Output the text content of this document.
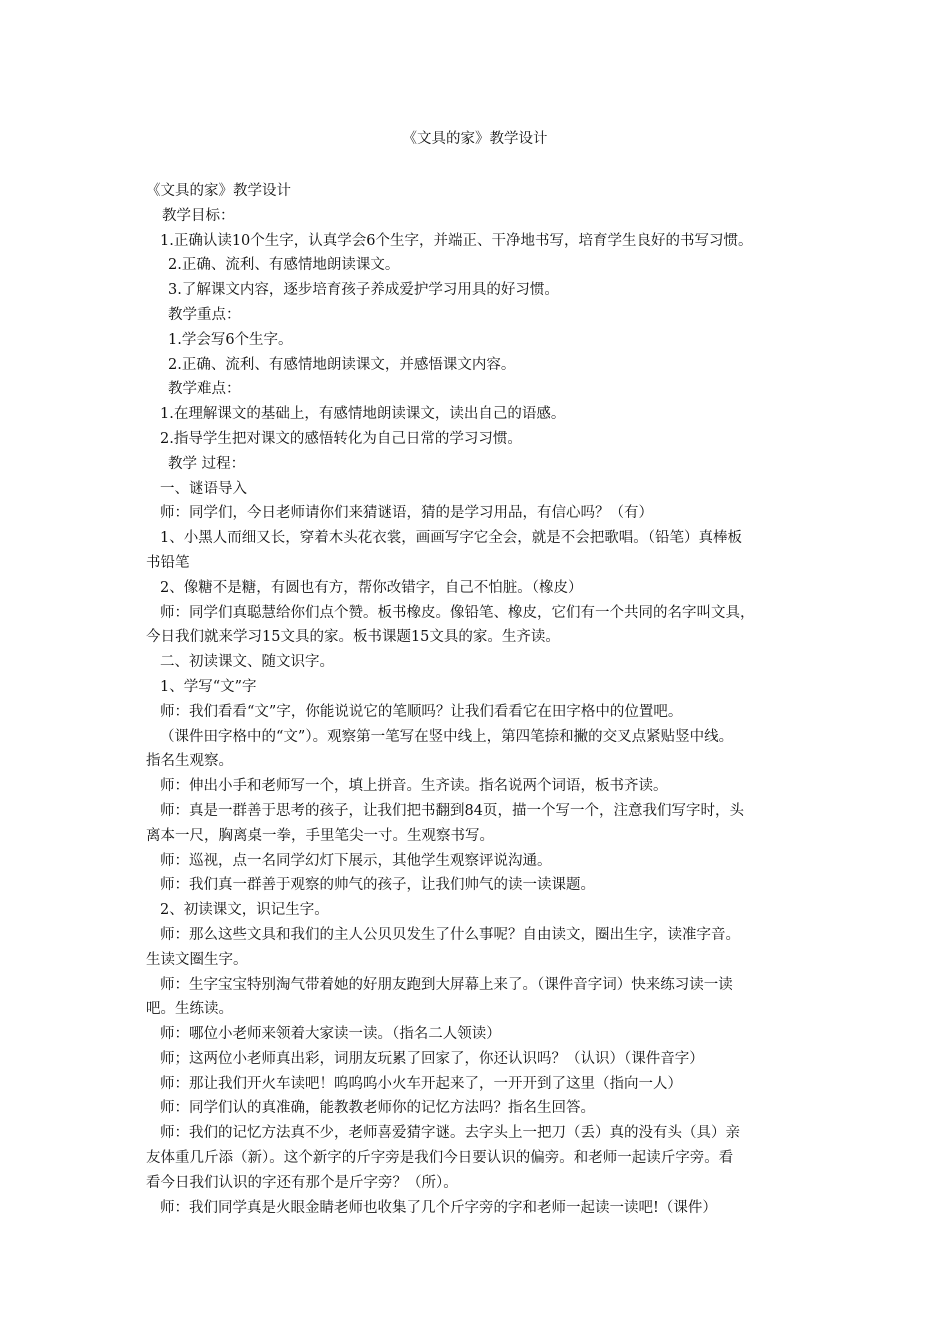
《文具的家》教学设计
《文具的家》教学设计
教学目标：
1.正确认读10个生字，认真学会6个生字，并端正、干净地书写，培育学生良好的书写习惯。
2.正确、流利、有感情地朗读课文。
3.了解课文内容，逐步培育孩子养成爱护学习用具的好习惯。
教学重点：
1.学会写6个生字。
2.正确、流利、有感情地朗读课文，并感悟课文内容。
教学难点：
1.在理解课文的基础上，有感情地朗读课文，读出自己的语感。
2.指导学生把对课文的感悟转化为自己日常的学习习惯。
教学 过程：
一、谜语导入
师：同学们，今日老师请你们来猜谜语，猜的是学习用品，有信心吗？（有）
1、小黑人而细又长，穿着木头花衣裳，画画写字它全会，就是不会把歌唱。（铅笔）真棒板
书铅笔
2、像糖不是糖，有圆也有方，帮你改错字，自己不怕脏。（橡皮）
师：同学们真聪慧给你们点个赞。板书橡皮。像铅笔、橡皮，它们有一个共同的名字叫文具，
今日我们就来学习15文具的家。板书课题15文具的家。生齐读。
二、初读课文、随文识字。
1、学写“文”字
师：我们看看“文”字，你能说说它的笔顺吗？让我们看看它在田字格中的位置吧。
（课件田字格中的“文”）。观察第一笔写在竖中线上，第四笔捺和撇的交叉点紧贴竖中线。
指名生观察。
师：伸出小手和老师写一个，填上拼音。生齐读。指名说两个词语，板书齐读。
师：真是一群善于思考的孩子，让我们把书翻到84页，描一个写一个，注意我们写字时，头
离本一尺，胸离桌一拳，手里笔尖一寸。生观察书写。
师：巡视，点一名同学幻灯下展示，其他学生观察评说沟通。
师：我们真一群善于观察的帅气的孩子，让我们帅气的读一读课题。
2、初读课文，识记生字。
师：那么这些文具和我们的主人公贝贝发生了什么事呢？自由读文，圈出生字，读准字音。
生读文圈生字。
师：生字宝宝特别淘气带着她的好朋友跑到大屏幕上来了。（课件音字词）快来练习读一读
吧。生练读。
师：哪位小老师来领着大家读一读。（指名二人领读）
师；这两位小老师真出彩，词朋友玩累了回家了，你还认识吗？（认识）（课件音字）
师：那让我们开火车读吧！呜呜呜小火车开起来了，一开开到了这里（指向一人）
师：同学们认的真准确，能教教老师你的记忆方法吗？指名生回答。
师：我们的记忆方法真不少，老师喜爱猜字谜。去字头上一把刀（丢）真的没有头（具）亲
友体重几斤添（新）。这个新字的斤字旁是我们今日要认识的偏旁。和老师一起读斤字旁。看
看今日我们认识的字还有那个是斤字旁？（所）。
师：我们同学真是火眼金睛老师也收集了几个斤字旁的字和老师一起读一读吧!（课件）
